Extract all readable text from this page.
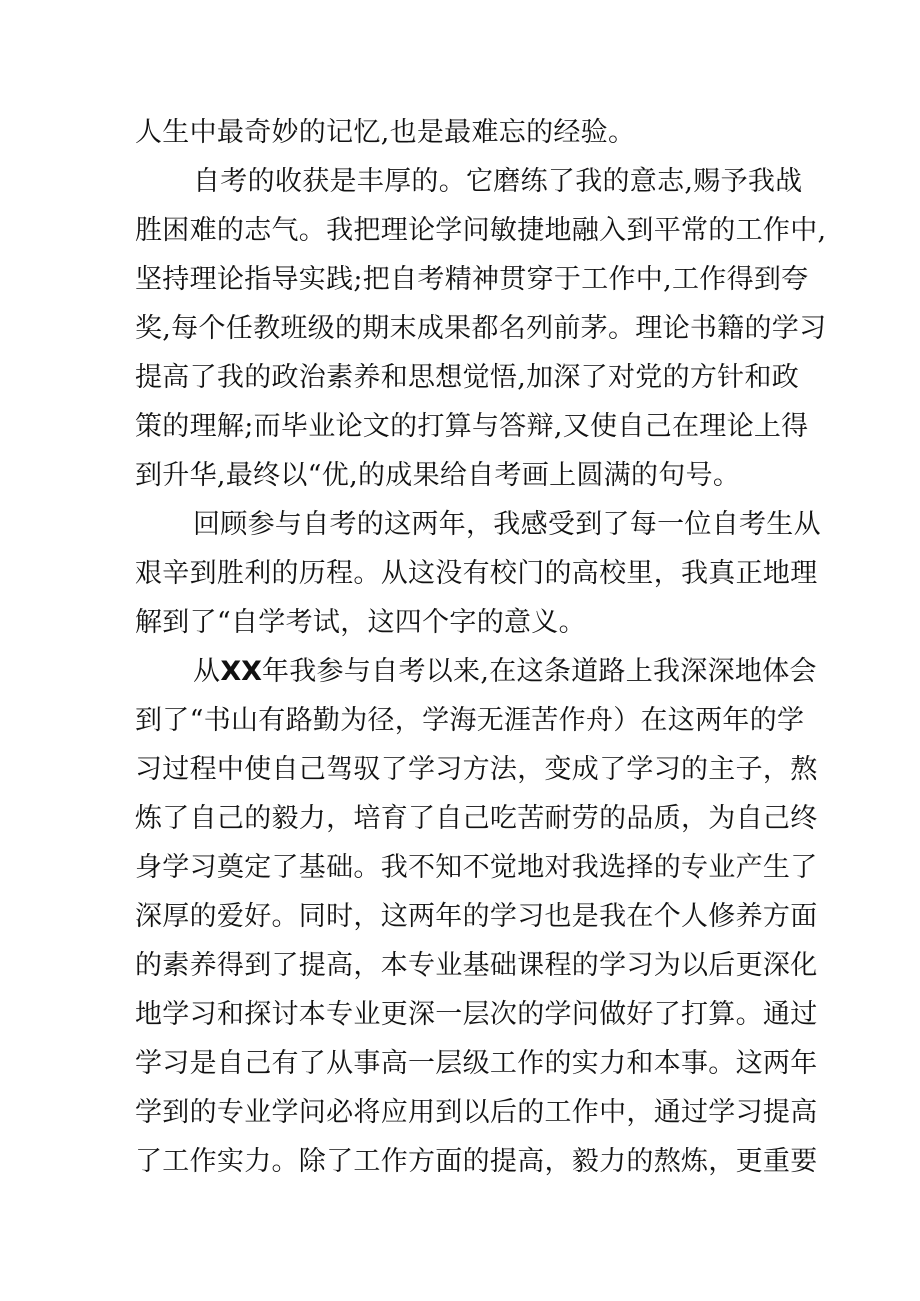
人生中最奇妙的记忆,也是最难忘的经验。
自考的收获是丰厚的。它磨练了我的意志,赐予我战
胜困难的志气。我把理论学问敏捷地融入到平常的工作中,
坚持理论指导实践;把自考精神贯穿于工作中,工作得到夸
奖,每个任教班级的期末成果都名列前茅。理论书籍的学习
提高了我的政治素养和思想觉悟,加深了对党的方针和政
策的理解;而毕业论文的打算与答辩,又使自己在理论上得
到升华,最终以“优,的成果给自考画上圆满的句号。
回顾参与自考的这两年，我感受到了每一位自考生从
艰辛到胜利的历程。从这没有校门的高校里，我真正地理
解到了“自学考试，这四个字的意义。
从XX年我参与自考以来,在这条道路上我深深地体会
到了“书山有路勤为径，学海无涯苦作舟）在这两年的学
习过程中使自己驾驭了学习方法，变成了学习的主子，熬
炼了自己的毅力，培育了自己吃苦耐劳的品质，为自己终
身学习奠定了基础。我不知不觉地对我选择的专业产生了
深厚的爱好。同时，这两年的学习也是我在个人修养方面
的素养得到了提高，本专业基础课程的学习为以后更深化
地学习和探讨本专业更深一层次的学问做好了打算。通过
学习是自己有了从事高一层级工作的实力和本事。这两年
学到的专业学问必将应用到以后的工作中，通过学习提高
了工作实力。除了工作方面的提高，毅力的熬炼，更重要
